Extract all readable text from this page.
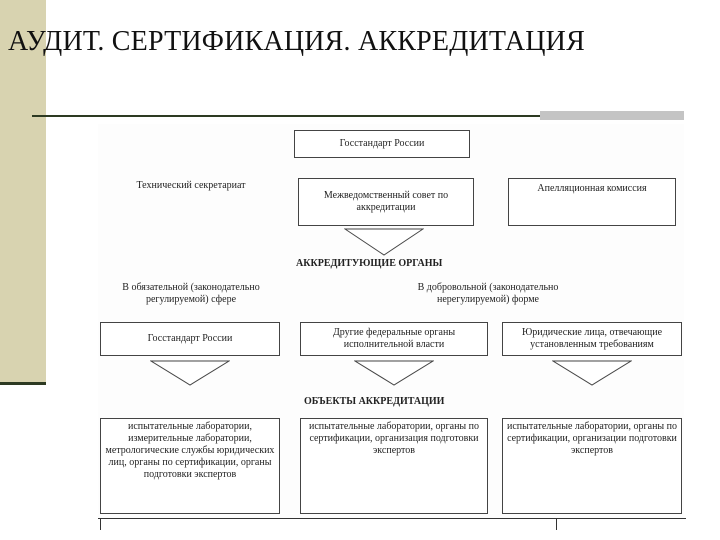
АУДИТ. СЕРТИФИКАЦИЯ. АККРЕДИТАЦИЯ
Госстандарт России
Технический секретариат
Межведомственный совет по аккредитации
Апелляционная комиссия
АККРЕДИТУЮЩИЕ ОРГАНЫ
В обязательной (законодательно регулируемой) сфере
В добровольной (законодательно нерегулируемой) форме
Госстандарт России
Другие федеральные органы исполнительной власти
Юридические лица, отвечающие установленным требованиям
ОБЪЕКТЫ АККРЕДИТАЦИИ
испытательные лаборатории, измерительные лаборатории, метрологические службы юридических лиц, органы по сертификации, органы подготовки экспертов
испытательные лаборатории, органы по сертификации, организация подготовки экспертов
испытательные лаборатории, органы по сертификации, организации подготовки экспертов
